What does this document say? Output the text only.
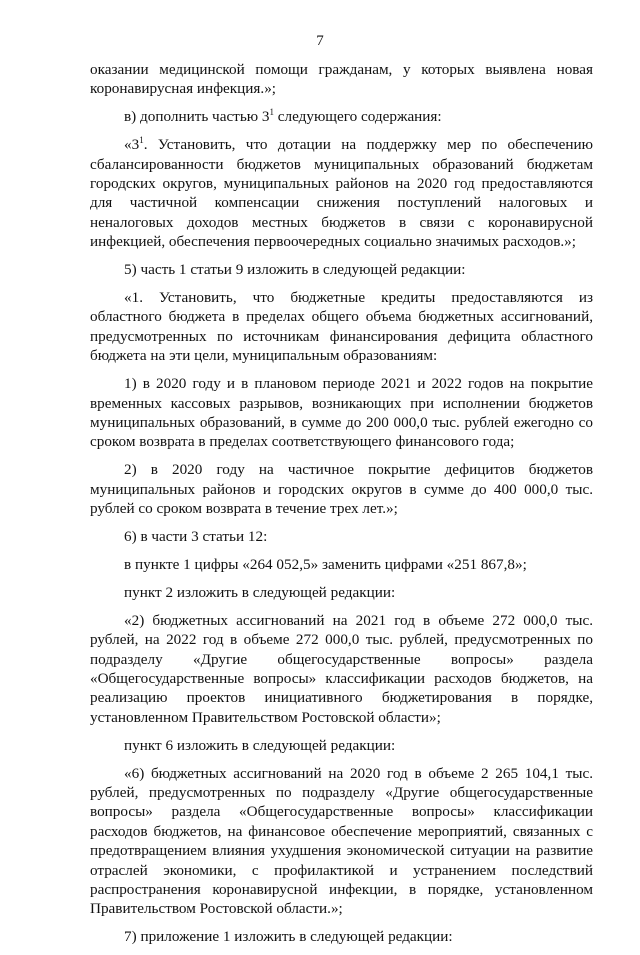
7

оказании медицинской помощи гражданам, у которых выявлена новая коронавирусная инфекция.»;

в) дополнить частью $3^1$ следующего содержания:

«$3^1$. Установить, что дотации на поддержку мер по обеспечению сбалансированности бюджетов муниципальных образований бюджетам городских округов, муниципальных районов на 2020 год предоставляются для частичной компенсации снижения поступлений налоговых и неналоговых доходов местных бюджетов в связи с коронавирусной инфекцией, обеспечения первоочередных социально значимых расходов.»;

5) часть 1 статьи 9 изложить в следующей редакции:

«1. Установить, что бюджетные кредиты предоставляются из областного бюджета в пределах общего объема бюджетных ассигнований, предусмотренных по источникам финансирования дефицита областного бюджета на эти цели, муниципальным образованиям:

1) в 2020 году и в плановом периоде 2021 и 2022 годов на покрытие временных кассовых разрывов, возникающих при исполнении бюджетов муниципальных образований, в сумме до 200 000,0 тыс. рублей ежегодно со сроком возврата в пределах соответствующего финансового года;

2) в 2020 году на частичное покрытие дефицитов бюджетов муниципальных районов и городских округов в сумме до 400 000,0 тыс. рублей со сроком возврата в течение трех лет.»;

6) в части 3 статьи 12:

в пункте 1 цифры «264 052,5» заменить цифрами «251 867,8»;

пункт 2 изложить в следующей редакции:

«2) бюджетных ассигнований на 2021 год в объеме 272 000,0 тыс. рублей, на 2022 год в объеме 272 000,0 тыс. рублей, предусмотренных по подразделу «Другие общегосударственные вопросы» раздела «Общегосударственные вопросы» классификации расходов бюджетов, на реализацию проектов инициативного бюджетирования в порядке, установленном Правительством Ростовской области»;

пункт 6 изложить в следующей редакции:

«6) бюджетных ассигнований на 2020 год в объеме 2 265 104,1 тыс. рублей, предусмотренных по подразделу «Другие общегосударственные вопросы» раздела «Общегосударственные вопросы» классификации расходов бюджетов, на финансовое обеспечение мероприятий, связанных с предотвращением влияния ухудшения экономической ситуации на развитие отраслей экономики, с профилактикой и устранением последствий распространения коронавирусной инфекции, в порядке, установленном Правительством Ростовской области.»;

7) приложение 1 изложить в следующей редакции:
